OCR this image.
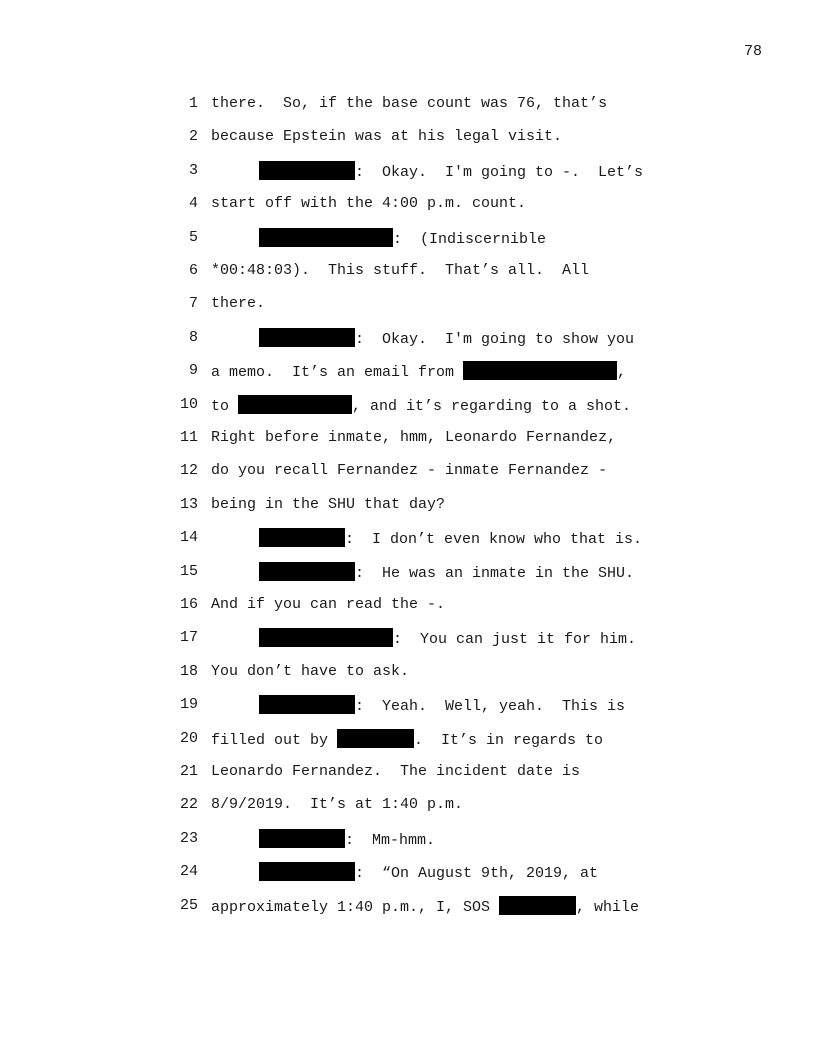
78
1 there.  So, if the base count was 76, that’s
2 because Epstein was at his legal visit.
3	:  Okay.  I'm going to -.  Let’s
4 start off with the 4:00 p.m. count.
5	:  (Indiscernible
6 *00:48:03).  This stuff.  That’s all.  All
7 there.
8	:  Okay.  I'm going to show you
9 a memo.  It’s an email from	,
10 to	, and it’s regarding to a shot.
11 Right before inmate, hmm, Leonardo Fernandez,
12 do you recall Fernandez - inmate Fernandez -
13 being in the SHU that day?
14	:  I don’t even know who that is.
15	:  He was an inmate in the SHU.
16 And if you can read the -.
17	:  You can just it for him.
18 You don’t have to ask.
19	:  Yeah.  Well, yeah.  This is
20 filled out by	.  It’s in regards to
21 Leonardo Fernandez.  The incident date is
22 8/9/2019.  It’s at 1:40 p.m.
23	:  Mm-hmm.
24	:  “On August 9th, 2019, at
25 approximately 1:40 p.m., I, SOS	, while
